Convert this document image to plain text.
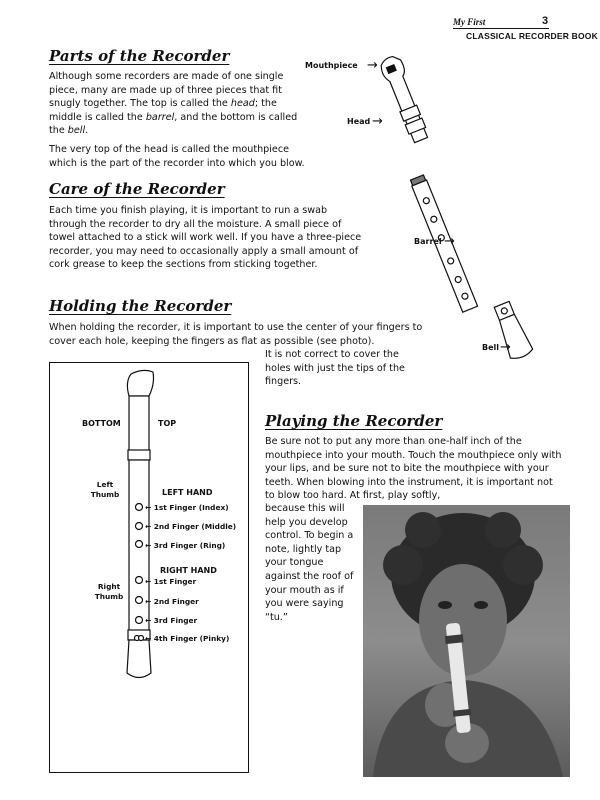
My First	3
CLASSICAL RECORDER BOOK
Parts of the Recorder

Although some recorders are made of one single piece, many are made up of three pieces that fit snugly together. The top is called the head; the middle is called the barrel, and the bottom is called the bell.

The very top of the head is called the mouthpiece which is the part of the recorder into which you blow.

Care of the Recorder

Each time you finish playing, it is important to run a swab through the recorder to dry all the moisture. A small piece of towel attached to a stick will work well. If you have a three-piece recorder, you may need to occasionally apply a small amount of cork grease to keep the sections from sticking together.

Holding the Recorder

When holding the recorder, it is important to use the center of your fingers to cover each hole, keeping the fingers as flat as possible (see photo).

It is not correct to cover the holes with just the tips of the fingers.

Playing the Recorder

Be sure not to put any more than one-half inch of the mouthpiece into your mouth. Touch the mouthpiece only with your lips, and be sure not to bite the mouthpiece with your teeth. When blowing into the instrument, it is important not to blow too hard. At first, play softly,

because this will help you develop control. To begin a note, lightly tap your tongue against the roof of your mouth as if you were saying “tu.”

Mouthpiece →
Head →
Barrel →
Bell →
BOTTOM	TOP
Left Thumb	LEFT HAND
← 1st Finger (Index)
← 2nd Finger (Middle)
← 3rd Finger (Ring)
RIGHT HAND
Right Thumb
← 1st Finger
← 2nd Finger
← 3rd Finger
← 4th Finger (Pinky)
